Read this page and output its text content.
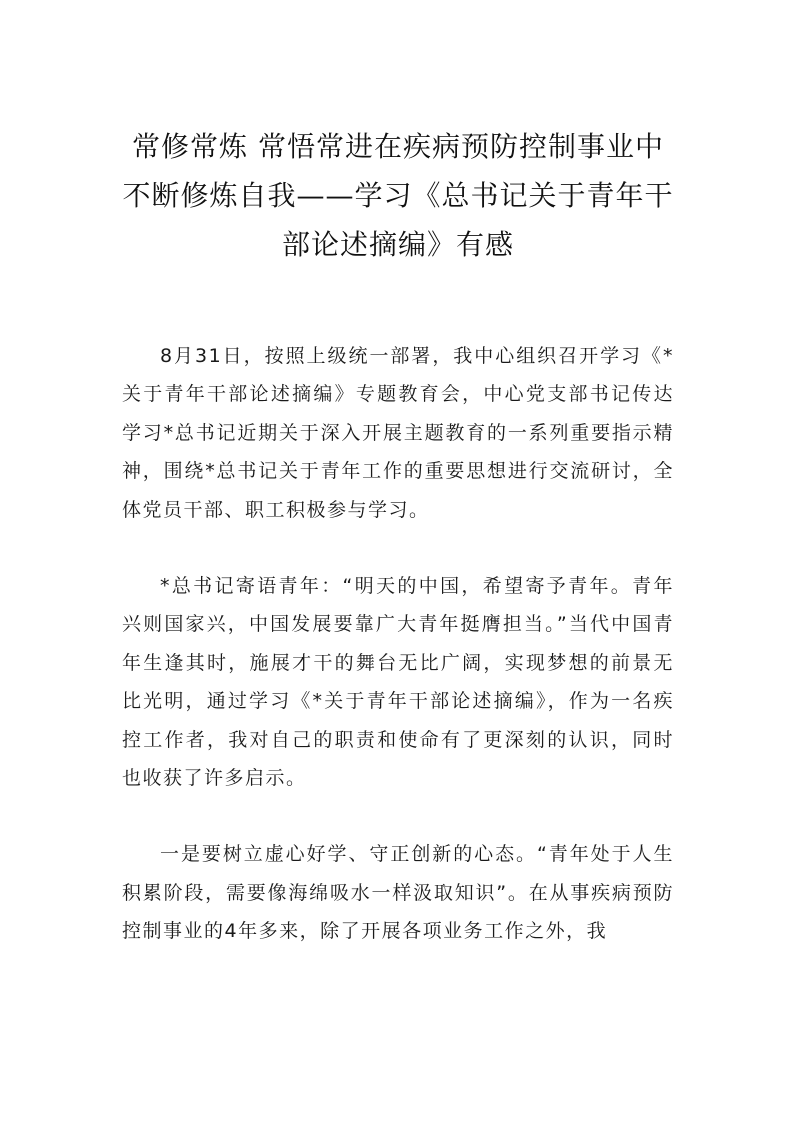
常修常炼 常悟常进在疾病预防控制事业中不断修炼自我——学习《总书记关于青年干部论述摘编》有感

8月31日，按照上级统一部署，我中心组织召开学习《*关于青年干部论述摘编》专题教育会，中心党支部书记传达学习*总书记近期关于深入开展主题教育的一系列重要指示精神，围绕*总书记关于青年工作的重要思想进行交流研讨，全体党员干部、职工积极参与学习。

*总书记寄语青年：“明天的中国，希望寄予青年。青年兴则国家兴，中国发展要靠广大青年挺膺担当。”当代中国青年生逢其时，施展才干的舞台无比广阔，实现梦想的前景无比光明，通过学习《*关于青年干部论述摘编》，作为一名疾控工作者，我对自己的职责和使命有了更深刻的认识，同时也收获了许多启示。

一是要树立虚心好学、守正创新的心态。“青年处于人生积累阶段，需要像海绵吸水一样汲取知识”。在从事疾病预防控制事业的4年多来，除了开展各项业务工作之外，我
